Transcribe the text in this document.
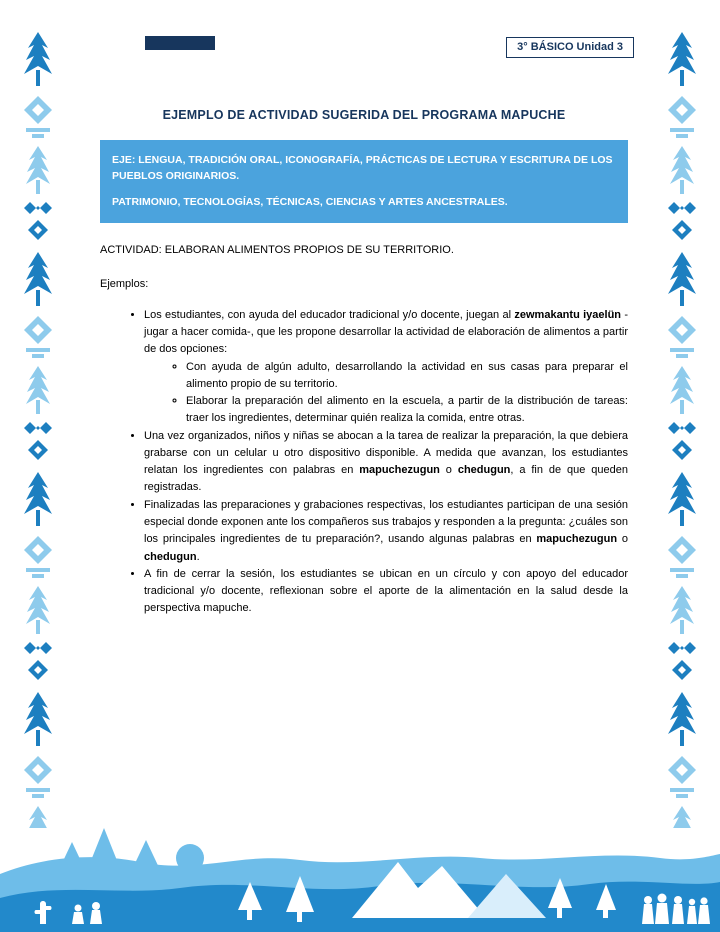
3° BÁSICO Unidad 3
EJEMPLO DE ACTIVIDAD SUGERIDA DEL PROGRAMA MAPUCHE

EJE: LENGUA, TRADICIÓN ORAL, ICONOGRAFÍA, PRÁCTICAS DE LECTURA Y ESCRITURA DE LOS PUEBLOS ORIGINARIOS.

PATRIMONIO, TECNOLOGÍAS, TÉCNICAS, CIENCIAS Y ARTES ANCESTRALES.

ACTIVIDAD: ELABORAN ALIMENTOS PROPIOS DE SU TERRITORIO.

Ejemplos:

• Los estudiantes, con ayuda del educador tradicional y/o docente, juegan al zewmakantu iyaelün -jugar a hacer comida-, que les propone desarrollar la actividad de elaboración de alimentos a partir de dos opciones:
◦ Con ayuda de algún adulto, desarrollando la actividad en sus casas para preparar el alimento propio de su territorio.
◦ Elaborar la preparación del alimento en la escuela, a partir de la distribución de tareas: traer los ingredientes, determinar quién realiza la comida, entre otras.
• Una vez organizados, niños y niñas se abocan a la tarea de realizar la preparación, la que debiera grabarse con un celular u otro dispositivo disponible. A medida que avanzan, los estudiantes relatan los ingredientes con palabras en mapuchezugun o chedugun, a fin de que queden registradas.
• Finalizadas las preparaciones y grabaciones respectivas, los estudiantes participan de una sesión especial donde exponen ante los compañeros sus trabajos y responden a la pregunta: ¿cuáles son los principales ingredientes de tu preparación?, usando algunas palabras en mapuchezugun o chedugun.
• A fin de cerrar la sesión, los estudiantes se ubican en un círculo y con apoyo del educador tradicional y/o docente, reflexionan sobre el aporte de la alimentación en la salud desde la perspectiva mapuche.
